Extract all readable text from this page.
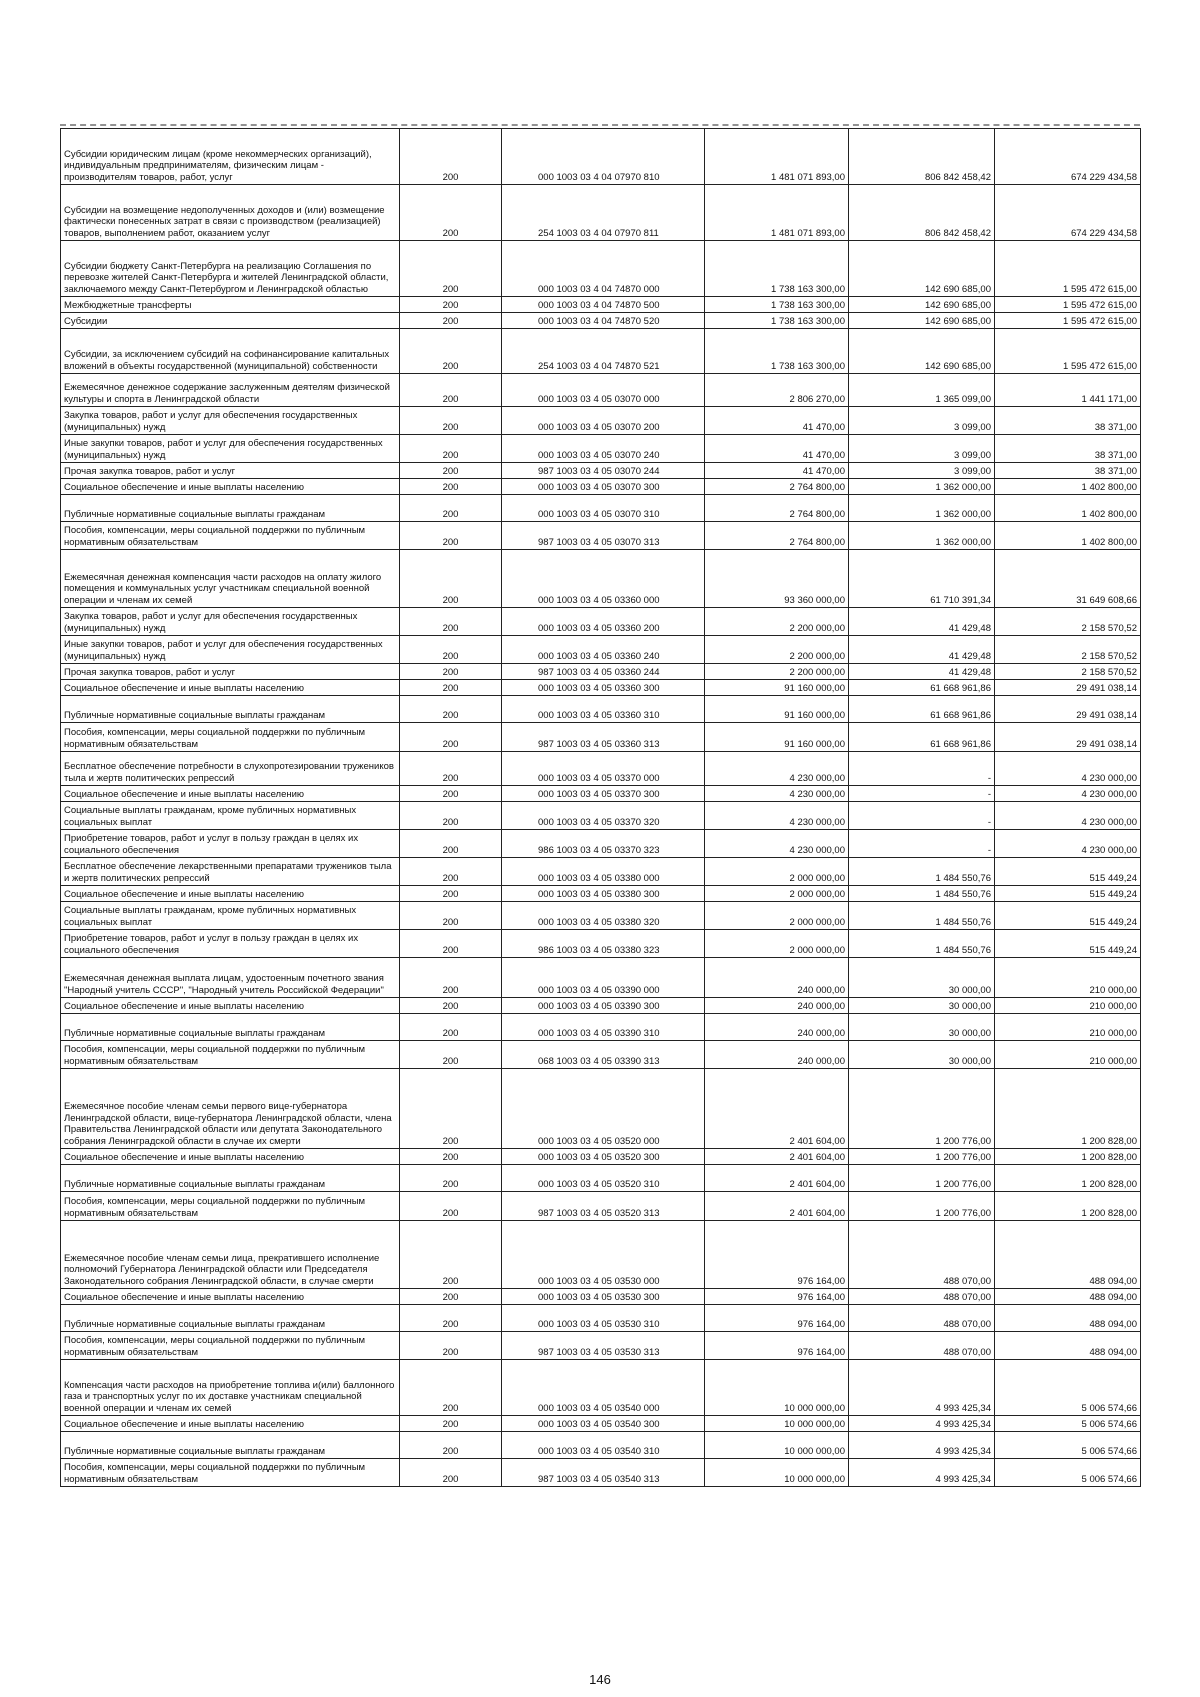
Субсидии юридическим лицам (кроме некоммерческих организаций), индивидуальным предпринимателям, физическим лицам - производителям товаров, работ, услуг	200	000 1003 03 4 04 07970 810	1 481 071 893,00	806 842 458,42	674 229 434,58
Субсидии на возмещение недополученных доходов и (или) возмещение фактически понесенных затрат в связи с производством (реализацией) товаров, выполнением работ, оказанием услуг	200	254 1003 03 4 04 07970 811	1 481 071 893,00	806 842 458,42	674 229 434,58
Субсидии бюджету Санкт-Петербурга на реализацию Соглашения по перевозке жителей Санкт-Петербурга и жителей Ленинградской области, заключаемого между Санкт-Петербургом и Ленинградской областью	200	000 1003 03 4 04 74870 000	1 738 163 300,00	142 690 685,00	1 595 472 615,00
Межбюджетные трансферты	200	000 1003 03 4 04 74870 500	1 738 163 300,00	142 690 685,00	1 595 472 615,00
Субсидии	200	000 1003 03 4 04 74870 520	1 738 163 300,00	142 690 685,00	1 595 472 615,00
Субсидии, за исключением субсидий на софинансирование капитальных вложений в объекты государственной (муниципальной) собственности	200	254 1003 03 4 04 74870 521	1 738 163 300,00	142 690 685,00	1 595 472 615,00
Ежемесячное денежное содержание заслуженным деятелям физической культуры и спорта в Ленинградской области	200	000 1003 03 4 05 03070 000	2 806 270,00	1 365 099,00	1 441 171,00
Закупка товаров, работ и услуг для обеспечения государственных (муниципальных) нужд	200	000 1003 03 4 05 03070 200	41 470,00	3 099,00	38 371,00
Иные закупки товаров, работ и услуг для обеспечения государственных (муниципальных) нужд	200	000 1003 03 4 05 03070 240	41 470,00	3 099,00	38 371,00
Прочая закупка товаров, работ и услуг	200	987 1003 03 4 05 03070 244	41 470,00	3 099,00	38 371,00
Социальное обеспечение и иные выплаты населению	200	000 1003 03 4 05 03070 300	2 764 800,00	1 362 000,00	1 402 800,00
Публичные нормативные социальные выплаты гражданам	200	000 1003 03 4 05 03070 310	2 764 800,00	1 362 000,00	1 402 800,00
Пособия, компенсации, меры социальной поддержки по публичным нормативным обязательствам	200	987 1003 03 4 05 03070 313	2 764 800,00	1 362 000,00	1 402 800,00
Ежемесячная денежная компенсация части расходов на оплату жилого помещения и коммунальных услуг участникам специальной военной операции и членам их семей	200	000 1003 03 4 05 03360 000	93 360 000,00	61 710 391,34	31 649 608,66
Закупка товаров, работ и услуг для обеспечения государственных (муниципальных) нужд	200	000 1003 03 4 05 03360 200	2 200 000,00	41 429,48	2 158 570,52
Иные закупки товаров, работ и услуг для обеспечения государственных (муниципальных) нужд	200	000 1003 03 4 05 03360 240	2 200 000,00	41 429,48	2 158 570,52
Прочая закупка товаров, работ и услуг	200	987 1003 03 4 05 03360 244	2 200 000,00	41 429,48	2 158 570,52
Социальное обеспечение и иные выплаты населению	200	000 1003 03 4 05 03360 300	91 160 000,00	61 668 961,86	29 491 038,14
Публичные нормативные социальные выплаты гражданам	200	000 1003 03 4 05 03360 310	91 160 000,00	61 668 961,86	29 491 038,14
Пособия, компенсации, меры социальной поддержки по публичным нормативным обязательствам	200	987 1003 03 4 05 03360 313	91 160 000,00	61 668 961,86	29 491 038,14
Бесплатное обеспечение потребности в слухопротезировании тружеников тыла и жертв политических репрессий	200	000 1003 03 4 05 03370 000	4 230 000,00	-	4 230 000,00
Социальное обеспечение и иные выплаты населению	200	000 1003 03 4 05 03370 300	4 230 000,00	-	4 230 000,00
Социальные выплаты гражданам, кроме публичных нормативных социальных выплат	200	000 1003 03 4 05 03370 320	4 230 000,00	-	4 230 000,00
Приобретение товаров, работ и услуг в пользу граждан в целях их социального обеспечения	200	986 1003 03 4 05 03370 323	4 230 000,00	-	4 230 000,00
Бесплатное обеспечение лекарственными препаратами тружеников тыла и жертв политических репрессий	200	000 1003 03 4 05 03380 000	2 000 000,00	1 484 550,76	515 449,24
Социальное обеспечение и иные выплаты населению	200	000 1003 03 4 05 03380 300	2 000 000,00	1 484 550,76	515 449,24
Социальные выплаты гражданам, кроме публичных нормативных социальных выплат	200	000 1003 03 4 05 03380 320	2 000 000,00	1 484 550,76	515 449,24
Приобретение товаров, работ и услуг в пользу граждан в целях их социального обеспечения	200	986 1003 03 4 05 03380 323	2 000 000,00	1 484 550,76	515 449,24
Ежемесячная денежная выплата лицам, удостоенным почетного звания "Народный учитель СССР", "Народный учитель Российской Федерации"	200	000 1003 03 4 05 03390 000	240 000,00	30 000,00	210 000,00
Социальное обеспечение и иные выплаты населению	200	000 1003 03 4 05 03390 300	240 000,00	30 000,00	210 000,00
Публичные нормативные социальные выплаты гражданам	200	000 1003 03 4 05 03390 310	240 000,00	30 000,00	210 000,00
Пособия, компенсации, меры социальной поддержки по публичным нормативным обязательствам	200	068 1003 03 4 05 03390 313	240 000,00	30 000,00	210 000,00
Ежемесячное пособие членам семьи первого вице-губернатора Ленинградской области, вице-губернатора Ленинградской области, члена Правительства Ленинградской области или депутата Законодательного собрания Ленинградской области в случае их смерти	200	000 1003 03 4 05 03520 000	2 401 604,00	1 200 776,00	1 200 828,00
Социальное обеспечение и иные выплаты населению	200	000 1003 03 4 05 03520 300	2 401 604,00	1 200 776,00	1 200 828,00
Публичные нормативные социальные выплаты гражданам	200	000 1003 03 4 05 03520 310	2 401 604,00	1 200 776,00	1 200 828,00
Пособия, компенсации, меры социальной поддержки по публичным нормативным обязательствам	200	987 1003 03 4 05 03520 313	2 401 604,00	1 200 776,00	1 200 828,00
Ежемесячное пособие членам семьи лица, прекратившего исполнение полномочий Губернатора Ленинградской области или Председателя Законодательного собрания Ленинградской области, в случае смерти	200	000 1003 03 4 05 03530 000	976 164,00	488 070,00	488 094,00
Социальное обеспечение и иные выплаты населению	200	000 1003 03 4 05 03530 300	976 164,00	488 070,00	488 094,00
Публичные нормативные социальные выплаты гражданам	200	000 1003 03 4 05 03530 310	976 164,00	488 070,00	488 094,00
Пособия, компенсации, меры социальной поддержки по публичным нормативным обязательствам	200	987 1003 03 4 05 03530 313	976 164,00	488 070,00	488 094,00
Компенсация части расходов на приобретение топлива и(или) баллонного газа и транспортных услуг по их доставке участникам специальной военной операции и членам их семей	200	000 1003 03 4 05 03540 000	10 000 000,00	4 993 425,34	5 006 574,66
Социальное обеспечение и иные выплаты населению	200	000 1003 03 4 05 03540 300	10 000 000,00	4 993 425,34	5 006 574,66
Публичные нормативные социальные выплаты гражданам	200	000 1003 03 4 05 03540 310	10 000 000,00	4 993 425,34	5 006 574,66
Пособия, компенсации, меры социальной поддержки по публичным нормативным обязательствам	200	987 1003 03 4 05 03540 313	10 000 000,00	4 993 425,34	5 006 574,66
146
